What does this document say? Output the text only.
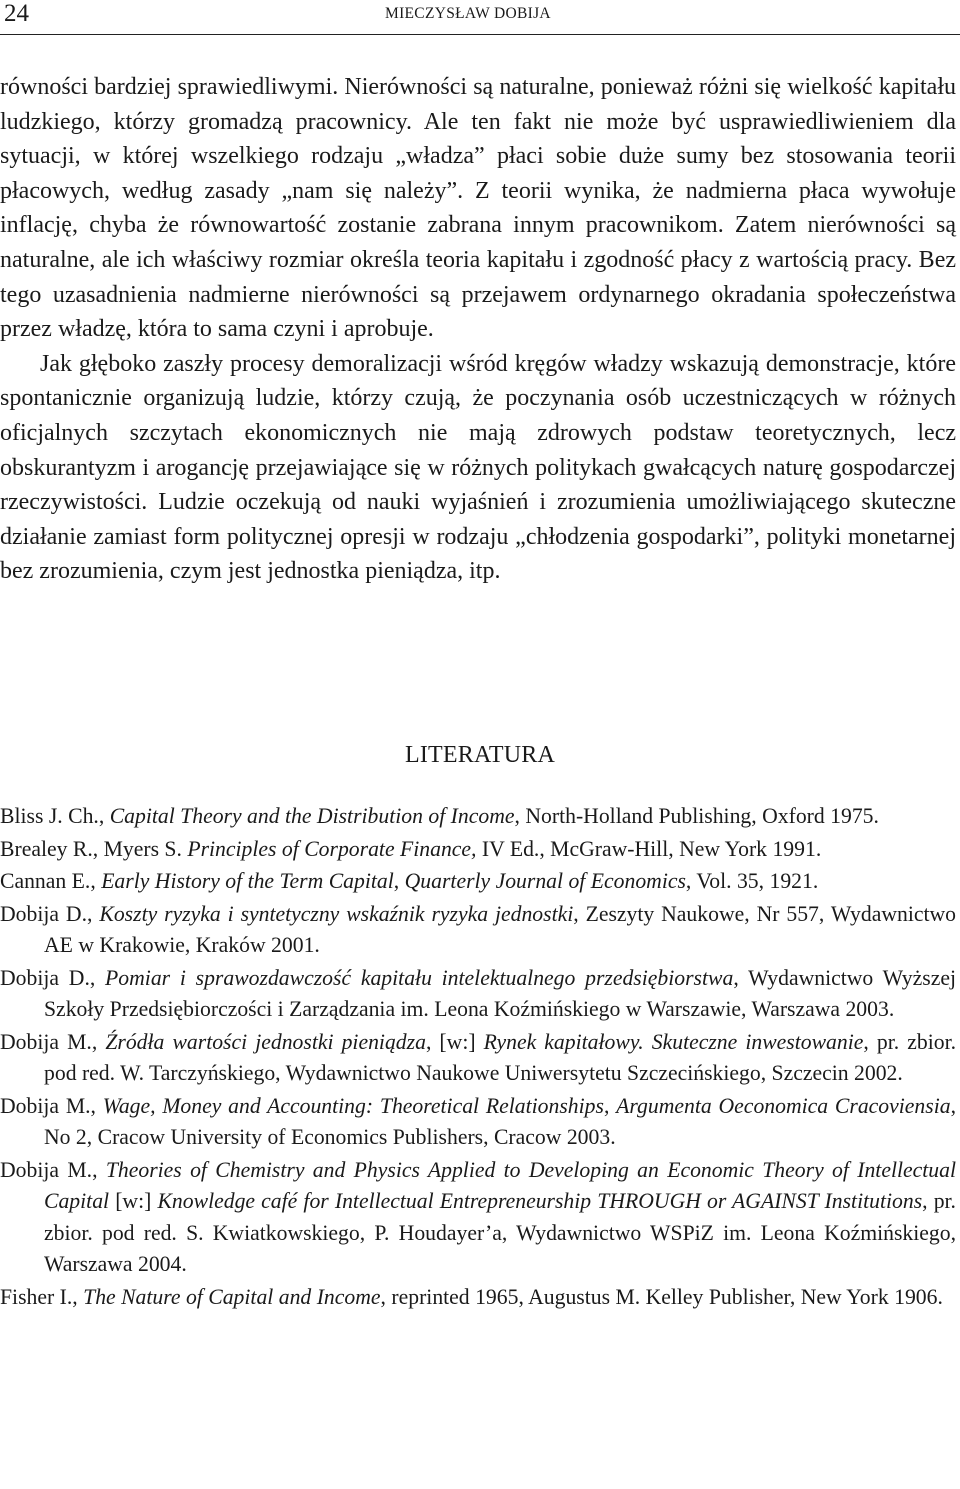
24	MIECZYSŁAW DOBIJA

równości bardziej sprawiedliwymi. Nierówności są naturalne, ponieważ różni się wielkość kapitału ludzkiego, którzy gromadzą pracownicy. Ale ten fakt nie może być usprawiedliwieniem dla sytuacji, w której wszelkiego rodzaju „władza” płaci sobie duże sumy bez stosowania teorii płacowych, według zasady „nam się należy”. Z teorii wynika, że nadmierna płaca wywołuje inflację, chyba że równowartość zostanie zabrana innym pracownikom. Zatem nierówności są naturalne, ale ich właściwy rozmiar określa teoria kapitału i zgodność płacy z wartością pracy. Bez tego uzasadnienia nadmierne nierówności są przejawem ordynarnego okradania społeczeństwa przez władzę, która to sama czyni i aprobuje.

Jak głęboko zaszły procesy demoralizacji wśród kręgów władzy wskazują demonstracje, które spontanicznie organizują ludzie, którzy czują, że poczynania osób uczestniczących w różnych oficjalnych szczytach ekonomicznych nie mają zdrowych podstaw teoretycznych, lecz obskurantyzm i arogancję przejawiające się w różnych politykach gwałcących naturę gospodarczej rzeczywistości. Ludzie oczekują od nauki wyjaśnień i zrozumienia umożliwiającego skuteczne działanie zamiast form politycznej opresji w rodzaju „chłodzenia gospodarki”, polityki monetarnej bez zrozumienia, czym jest jednostka pieniądza, itp.

LITERATURA
Bliss J. Ch., Capital Theory and the Distribution of Income, North-Holland Publishing, Oxford 1975.
Brealey R., Myers S. Principles of Corporate Finance, IV Ed., McGraw-Hill, New York 1991.
Cannan E., Early History of the Term Capital, Quarterly Journal of Economics, Vol. 35, 1921.
Dobija D., Koszty ryzyka i syntetyczny wskaźnik ryzyka jednostki, Zeszyty Naukowe, Nr 557, Wydawnictwo AE w Krakowie, Kraków 2001.
Dobija D., Pomiar i sprawozdawczość kapitału intelektualnego przedsiębiorstwa, Wydawnictwo Wyższej Szkoły Przedsiębiorczości i Zarządzania im. Leona Koźmińskiego w Warszawie, Warszawa 2003.
Dobija M., Źródła wartości jednostki pieniądza, [w:] Rynek kapitałowy. Skuteczne inwestowanie, pr. zbior. pod red. W. Tarczyńskiego, Wydawnictwo Naukowe Uniwersytetu Szczecińskiego, Szczecin 2002.
Dobija M., Wage, Money and Accounting: Theoretical Relationships, Argumenta Oeconomica Cracoviensia, No 2, Cracow University of Economics Publishers, Cracow 2003.
Dobija M., Theories of Chemistry and Physics Applied to Developing an Economic Theory of Intellectual Capital [w:] Knowledge café for Intellectual Entrepreneurship THROUGH or AGAINST Institutions, pr. zbior. pod red. S. Kwiatkowskiego, P. Houdayer’a, Wydawnictwo WSPiZ im. Leona Koźmińskiego, Warszawa 2004.
Fisher I., The Nature of Capital and Income, reprinted 1965, Augustus M. Kelley Publisher, New York 1906.
